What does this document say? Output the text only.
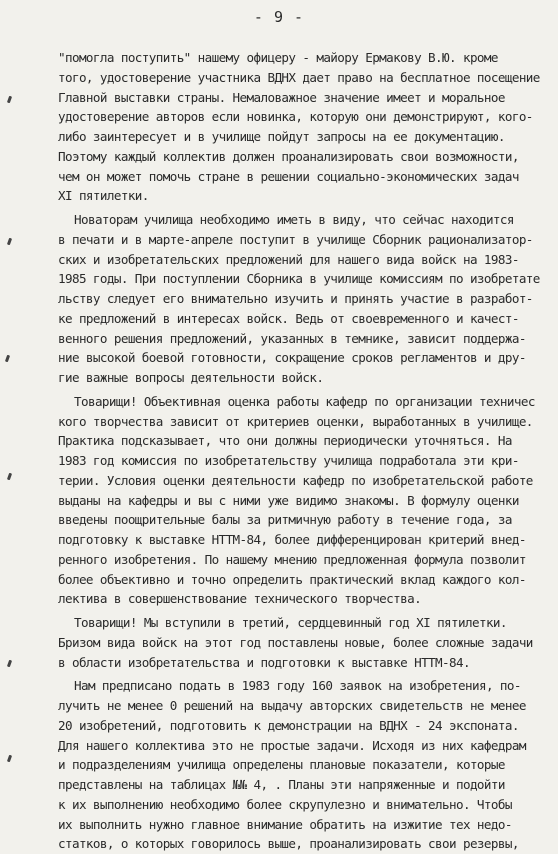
- 9 -
"помогла поступить" нашему офицеру - майору Ермакову В.Ю. кроме
того, удостоверение участника ВДНХ дает право на бесплатное посещение
Главной выставки страны. Немаловажное значение имеет и моральное
удостоверение авторов если новинка, которую они демонстрируют, кого-
либо заинтересует и в училище пойдут запросы на ее документацию.
Поэтому каждый коллектив должен проанализировать свои возможности,
чем он может помочь стране в решении социально-экономических задач
XI пятилетки.
Новаторам училища необходимо иметь в виду, что сейчас находится
в печати и в марте-апреле поступит в училище Сборник рационализатор-
ских и изобретательских предложений для нашего вида войск на 1983-
1985 годы. При поступлении Сборника в училище комиссиям по изобретате
льству следует его внимательно изучить и принять участие в разработ-
ке предложений в интересах войск. Ведь от своевременного и качест-
венного решения предложений, указанных в темнике, зависит поддержа-
ние высокой боевой готовности, сокращение сроков регламентов и дру-
гие важные вопросы деятельности войск.
Товарищи! Объективная оценка работы кафедр по организации техничес
кого творчества зависит от критериев оценки, выработанных в училище.
Практика подсказывает, что они должны периодически уточняться. На
1983 год комиссия по изобретательству училища подработала эти кри-
терии. Условия оценки деятельности кафедр по изобретательской работе
выданы на кафедры и вы с ними уже видимо знакомы. В формулу оценки
введены поощрительные балы за ритмичную работу в течение года, за
подготовку к выставке НТТМ-84, более дифференцирован критерий внед-
ренного изобретения. По нашему мнению предложенная формула позволит
более объективно и точно определить практический вклад каждого кол-
лектива в совершенствование технического творчества.
Товарищи! Мы вступили в третий, сердцевинный год XI пятилетки.
Бризом вида войск на этот год поставлены новые, более сложные задачи
в области изобретательства и подготовки к выставке НТТМ-84.
Нам предписано подать в 1983 году 160 заявок на изобретения, по-
лучить не менее 0 решений на выдачу авторских свидетельств не менее
20 изобретений, подготовить к демонстрации на ВДНХ - 24 экспоната.
Для нашего коллектива это не простые задачи. Исходя из них кафедрам
и подразделениям училища определены плановые показатели, которые
представлены на таблицах №№ 4, . Планы эти напряженные и подойти
к их выполнению необходимо более скрупулезно и внимательно. Чтобы
их выполнить нужно главное внимание обратить на изжитие тех недо-
статков, о которых говорилось выше, проанализировать свои резервы,
